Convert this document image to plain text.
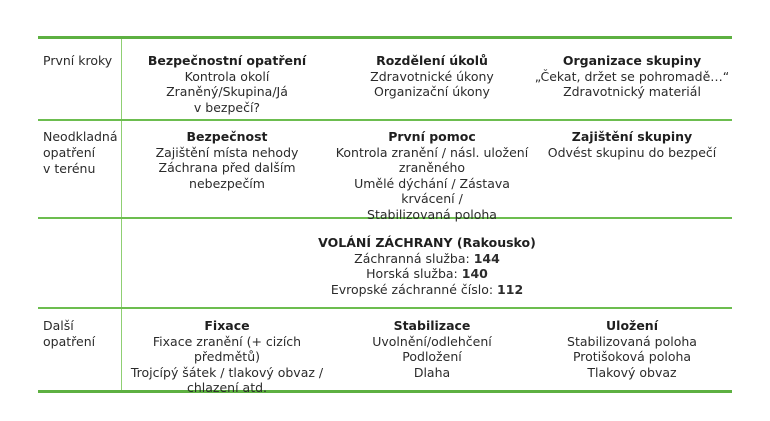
První kroky	Bezpečnostní opatření
Kontrola okolí
Zraněný/Skupina/Já
v bezpečí?
Rozdělení úkolů
Zdravotnické úkony
Organizační úkony
Organizace skupiny
„Čekat, držet se pohromadě…“
Zdravotnický materiál
Neodkladná
opatření
v terénu
Bezpečnost
Zajištění místa nehody
Záchrana před dalším
nebezpečím
První pomoc
Kontrola zranění / násl. uložení
zraněného
Umělé dýchání / Zástava krvácení /
Stabilizovaná poloha
Zajištění skupiny
Odvést skupinu do bezpečí
VOLÁNÍ ZÁCHRANY (Rakousko)
Záchranná služba: 144
Horská služba: 140
Evropské záchranné číslo: 112
Další
opatření
Fixace
Fixace zranění (+ cizích předmětů)
Trojcípý šátek / tlakový obvaz /
chlazení atd.
Stabilizace
Uvolnění/odlehčení
Podložení
Dlaha
Uložení
Stabilizovaná poloha
Protišoková poloha
Tlakový obvaz
